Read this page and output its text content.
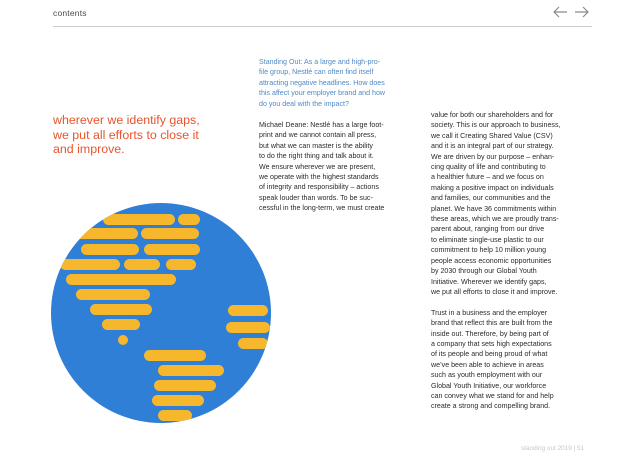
contents
wherever we identify gaps,
we put all efforts to close it
and improve.
Standing Out: As a large and high-pro-
file group, Nestlé can often find itself
attracting negative headlines. How does
this affect your employer brand and how
do you deal with the impact?
Michael Deane: Nestlé has a large foot-
print and we cannot contain all press,
but what we can master is the ability
to do the right thing and talk about it.
We ensure wherever we are present,
we operate with the highest standards
of integrity and responsibility – actions
speak louder than words. To be suc-
cessful in the long-term, we must create

value for both our shareholders and for
society. This is our approach to business,
we call it Creating Shared Value (CSV)
and it is an integral part of our strategy.
We are driven by our purpose – enhan-
cing quality of life and contributing to
a healthier future – and we focus on
making a positive impact on individuals
and families, our communities and the
planet. We have 36 commitments within
these areas, which we are proudly trans-
parent about, ranging from our drive
to eliminate single-use plastic to our
commitment to help 10 million young
people access economic opportunities
by 2030 through our Global Youth
Initiative. Wherever we identify gaps,
we put all efforts to close it and improve.

Trust in a business and the employer
brand that reflect this are built from the
inside out. Therefore, by being part of
a company that sets high expectations
of its people and being proud of what
we’ve been able to achieve in areas
such as youth employment with our
Global Youth Initiative, our workforce
can convey what we stand for and help
create a strong and compelling brand.

standing out 2019 | 51
